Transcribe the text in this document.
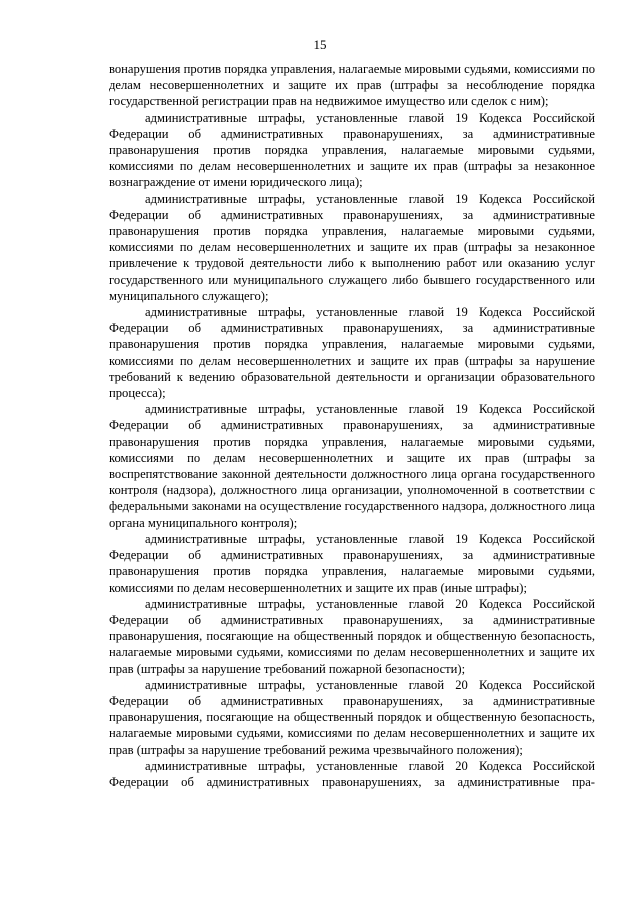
15

вонарушения против порядка управления, налагаемые мировыми судьями, комиссиями по делам несовершеннолетних и защите их прав (штрафы за несоблюдение порядка государственной регистрации прав на недвижимое имущество или сделок с ним);

административные штрафы, установленные главой 19 Кодекса Российской Федерации об административных правонарушениях, за административные правонарушения против порядка управления, налагаемые мировыми судьями, комиссиями по делам несовершеннолетних и защите их прав (штрафы за незаконное вознаграждение от имени юридического лица);

административные штрафы, установленные главой 19 Кодекса Российской Федерации об административных правонарушениях, за административные правонарушения против порядка управления, налагаемые мировыми судьями, комиссиями по делам несовершеннолетних и защите их прав (штрафы за незаконное привлечение к трудовой деятельности либо к выполнению работ или оказанию услуг государственного или муниципального служащего либо бывшего государственного или муниципального служащего);

административные штрафы, установленные главой 19 Кодекса Российской Федерации об административных правонарушениях, за административные правонарушения против порядка управления, налагаемые мировыми судьями, комиссиями по делам несовершеннолетних и защите их прав (штрафы за нарушение требований к ведению образовательной деятельности и организации образовательного процесса);

административные штрафы, установленные главой 19 Кодекса Российской Федерации об административных правонарушениях, за административные правонарушения против порядка управления, налагаемые мировыми судьями, комиссиями по делам несовершеннолетних и защите их прав (штрафы за воспрепятствование законной деятельности должностного лица органа государственного контроля (надзора), должностного лица организации, уполномоченной в соответствии с федеральными законами на осуществление государственного надзора, должностного лица органа муниципального контроля);

административные штрафы, установленные главой 19 Кодекса Российской Федерации об административных правонарушениях, за административные правонарушения против порядка управления, налагаемые мировыми судьями, комиссиями по делам несовершеннолетних и защите их прав (иные штрафы);

административные штрафы, установленные главой 20 Кодекса Российской Федерации об административных правонарушениях, за административные правонарушения, посягающие на общественный порядок и общественную безопасность, налагаемые мировыми судьями, комиссиями по делам несовершеннолетних и защите их прав (штрафы за нарушение требований пожарной безопасности);

административные штрафы, установленные главой 20 Кодекса Российской Федерации об административных правонарушениях, за административные правонарушения, посягающие на общественный порядок и общественную безопасность, налагаемые мировыми судьями, комиссиями по делам несовершеннолетних и защите их прав (штрафы за нарушение требований режима чрезвычайного положения);

административные штрафы, установленные главой 20 Кодекса Российской Федерации об административных правонарушениях, за административные пра-
